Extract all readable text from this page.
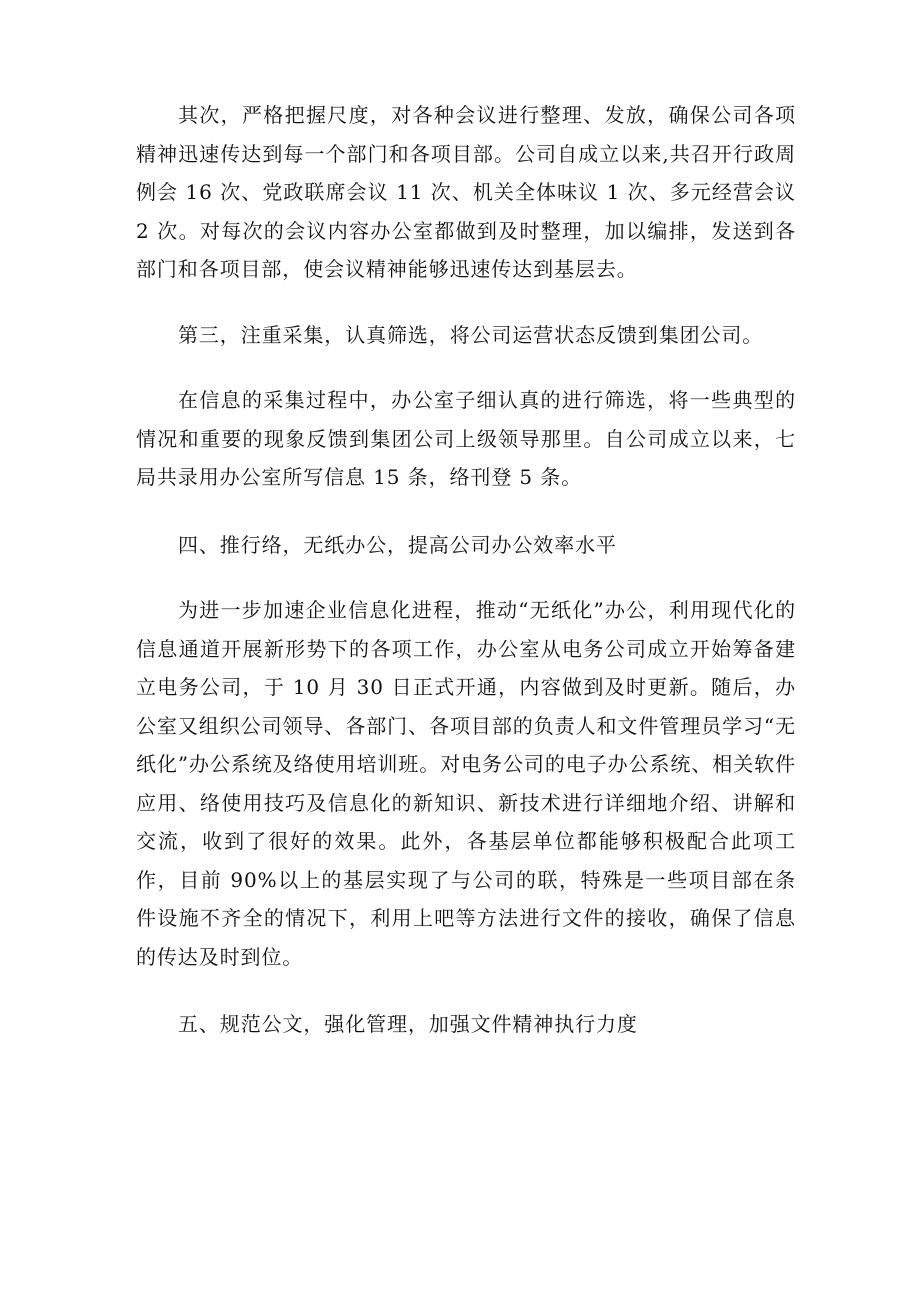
其次，严格把握尺度，对各种会议进行整理、发放，确保公司各项精神迅速传达到每一个部门和各项目部。公司自成立以来,共召开行政周例会 16 次、党政联席会议 11 次、机关全体味议 1 次、多元经营会议 2 次。对每次的会议内容办公室都做到及时整理，加以编排，发送到各部门和各项目部，使会议精神能够迅速传达到基层去。

第三，注重采集，认真筛选，将公司运营状态反馈到集团公司。

在信息的采集过程中，办公室子细认真的进行筛选，将一些典型的情况和重要的现象反馈到集团公司上级领导那里。自公司成立以来，七局共录用办公室所写信息 15 条，络刊登 5 条。

四、推行络，无纸办公，提高公司办公效率水平

为进一步加速企业信息化进程，推动“无纸化”办公，利用现代化的信息通道开展新形势下的各项工作，办公室从电务公司成立开始筹备建立电务公司，于 10 月 30 日正式开通，内容做到及时更新。随后，办公室又组织公司领导、各部门、各项目部的负责人和文件管理员学习“无纸化”办公系统及络使用培训班。对电务公司的电子办公系统、相关软件应用、络使用技巧及信息化的新知识、新技术进行详细地介绍、讲解和交流，收到了很好的效果。此外，各基层单位都能够积极配合此项工作，目前 90%以上的基层实现了与公司的联，特殊是一些项目部在条件设施不齐全的情况下，利用上吧等方法进行文件的接收，确保了信息的传达及时到位。

五、规范公文，强化管理，加强文件精神执行力度
